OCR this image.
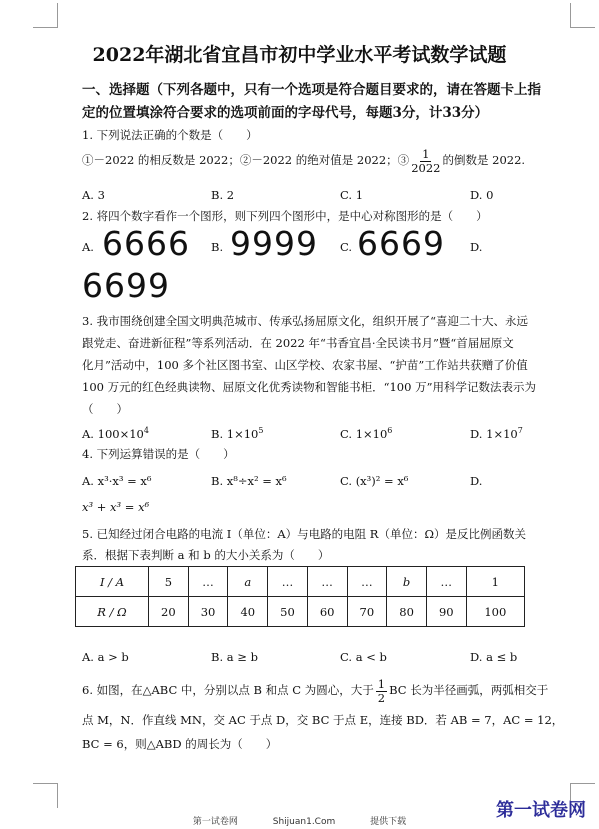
2022年湖北省宜昌市初中学业水平考试数学试题
一、选择题（下列各题中，只有一个选项是符合题目要求的，请在答题卡上指
定的位置填涂符合要求的选项前面的字母代号，每题3分，计33分）
1. 下列说法正确的个数是（　　）
①－2022 的相反数是 2022；②－2022 的绝对值是 2022；③ $\frac{1}{2022}$ 的倒数是 2022.
A. 3	B. 2	C. 1	D. 0
2. 将四个数字看作一个图形，则下列四个图形中，是中心对称图形的是（　　）
A. 6666 B. 9999 C. 6669 D.
6699
3. 我市围绕创建全国文明典范城市、传承弘扬屈原文化，组织开展了“喜迎二十大、永远
跟党走、奋进新征程”等系列活动．在 2022 年“书香宜昌·全民读书月”暨“首届屈原文
化月”活动中，100 多个社区图书室、山区学校、农家书屋、“护苗”工作站共获赠了价值
100 万元的红色经典读物、屈原文化优秀读物和智能书柜．“100 万”用科学记数法表示为
（　　）
A. $100\times 10^4$	B. $1\times 10^5$	C. $1\times 10^6$	D. $1\times 10^7$
4. 下列运算错误的是（　　）
A. x³·x³ = x⁶	B. x⁸÷x² = x⁶	C. (x³)² = x⁶	D.
x³ + x³ = x⁶
5. 已知经过闭合电路的电流 I（单位：A）与电路的电阻 R（单位：Ω）是反比例函数关
系．根据下表判断 a 和 b 的大小关系为（　　）
I / A	5	…	a	…	…	…	b	…	1
R / Ω	20	30	40	50	60	70	80	90	100
A. a > b	B. a ≥ b	C. a < b	D. a ≤ b
6. 如图，在△ABC 中，分别以点 B 和点 C 为圆心，大于 $\frac{1}{2}$ BC 长为半径画弧，两弧相交于
点 M，N．作直线 MN，交 AC 于点 D，交 BC 于点 E，连接 BD．若 AB = 7，AC = 12，
BC = 6，则△ABD 的周长为（　　）
第一试卷网
第一试卷网	Shijuan1.Com	提供下载
